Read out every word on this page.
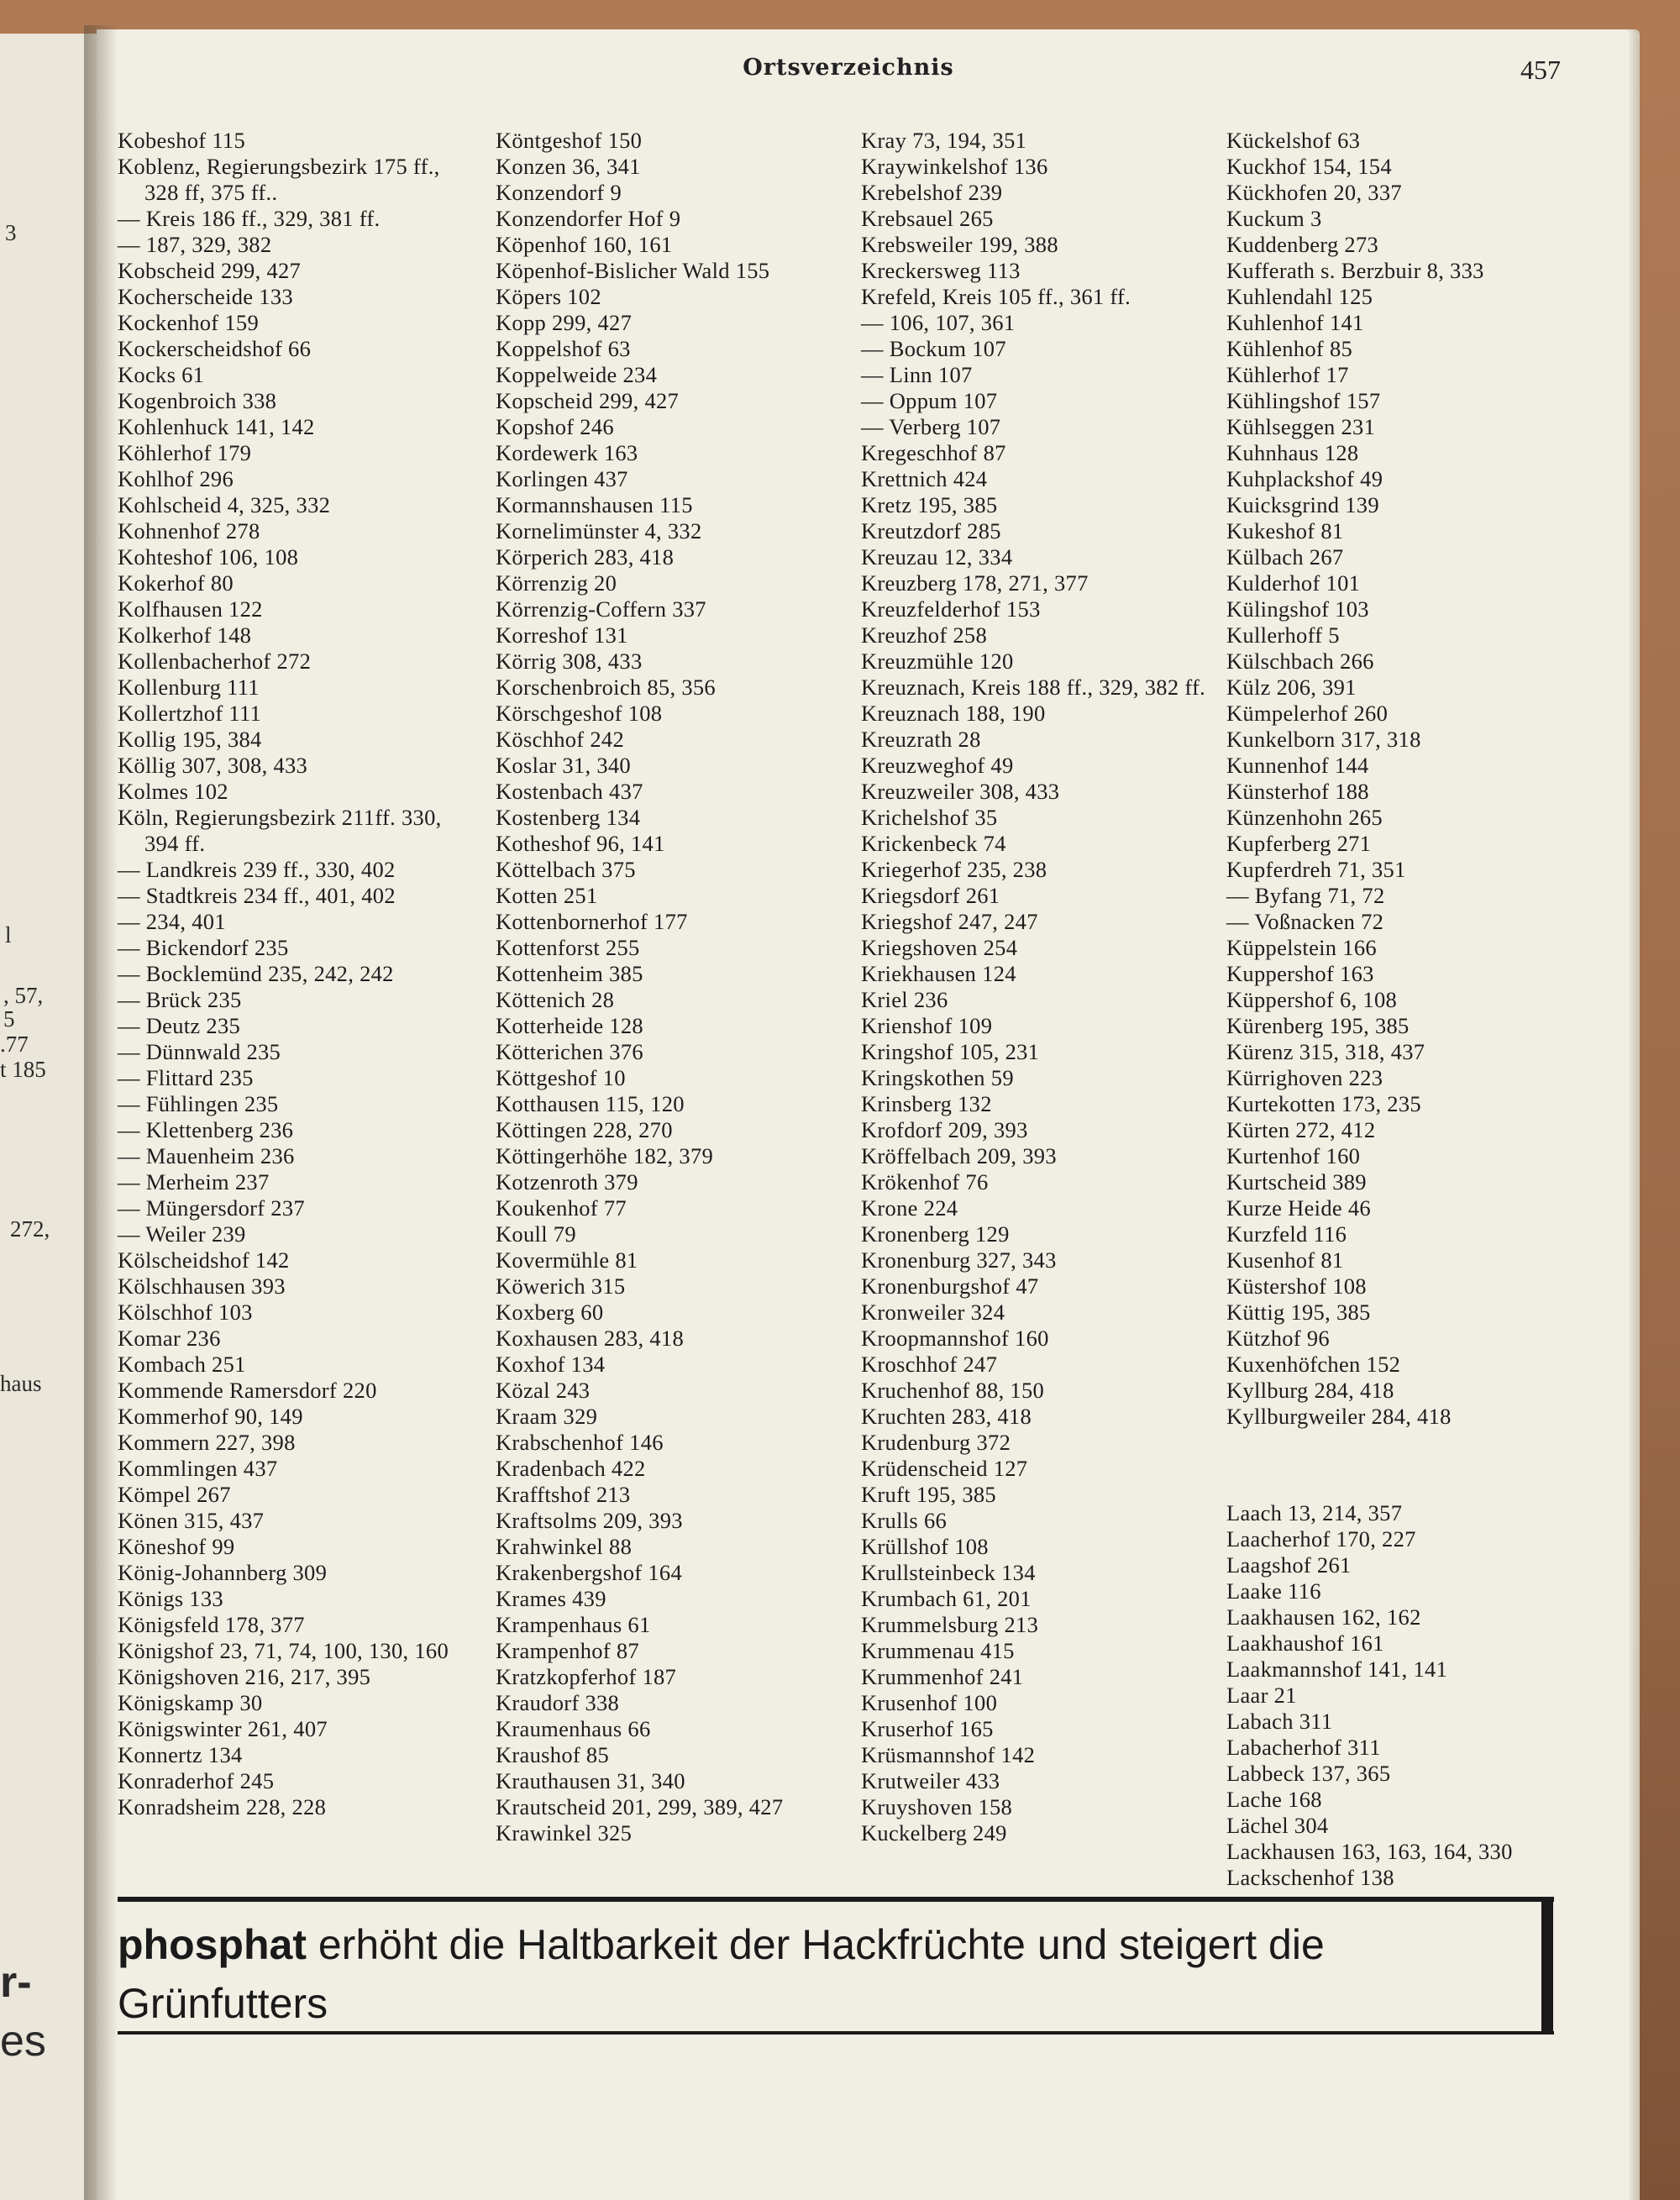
3
l
, 57,
5
.77
t 185
272,
haus
r-
es
Ortsverzeichnis	457

Kobeshof 115

Koblenz, Regierungsbezirk 175 ff., 328 ff, 375 ff..

— Kreis 186 ff., 329, 381 ff.

— 187, 329, 382

Kobscheid 299, 427

Kocherscheide 133

Kockenhof 159

Kockerscheidshof 66

Kocks 61

Kogenbroich 338

Kohlenhuck 141, 142

Köhlerhof 179

Kohlhof 296

Kohlscheid 4, 325, 332

Kohnenhof 278

Kohteshof 106, 108

Kokerhof 80

Kolfhausen 122

Kolkerhof 148

Kollenbacherhof 272

Kollenburg 111

Kollertzhof 111

Kollig 195, 384

Köllig 307, 308, 433

Kolmes 102

Köln, Regierungsbezirk 211ff. 330, 394 ff.

— Landkreis 239 ff., 330, 402

— Stadtkreis 234 ff., 401, 402

— 234, 401

— Bickendorf 235

— Bocklemünd 235, 242, 242

— Brück 235

— Deutz 235

— Dünnwald 235

— Flittard 235

— Fühlingen 235

— Klettenberg 236

— Mauenheim 236

— Merheim 237

— Müngersdorf 237

— Weiler 239

Kölscheidshof 142

Kölschhausen 393

Kölschhof 103

Komar 236

Kombach 251

Kommende Ramersdorf 220

Kommerhof 90, 149

Kommern 227, 398

Kommlingen 437

Kömpel 267

Könen 315, 437

Köneshof 99

König-Johannberg 309

Königs 133

Königsfeld 178, 377

Königshof 23, 71, 74, 100, 130, 160

Königshoven 216, 217, 395

Königskamp 30

Königswinter 261, 407

Konnertz 134

Konraderhof 245

Konradsheim 228, 228

Köntgeshof 150

Konzen 36, 341

Konzendorf 9

Konzendorfer Hof 9

Köpenhof 160, 161

Köpenhof-Bislicher Wald 155

Köpers 102

Kopp 299, 427

Koppelshof 63

Koppelweide 234

Kopscheid 299, 427

Kopshof 246

Kordewerk 163

Korlingen 437

Kormannshausen 115

Kornelimünster 4, 332

Körperich 283, 418

Körrenzig 20

Körrenzig-Coffern 337

Korreshof 131

Körrig 308, 433

Korschenbroich 85, 356

Körschgeshof 108

Köschhof 242

Koslar 31, 340

Kostenbach 437

Kostenberg 134

Kotheshof 96, 141

Köttelbach 375

Kotten 251

Kottenbornerhof 177

Kottenforst 255

Kottenheim 385

Köttenich 28

Kotterheide 128

Kötterichen 376

Köttgeshof 10

Kotthausen 115, 120

Köttingen 228, 270

Köttingerhöhe 182, 379

Kotzenroth 379

Koukenhof 77

Koull 79

Kovermühle 81

Köwerich 315

Koxberg 60

Koxhausen 283, 418

Koxhof 134

Közal 243

Kraam 329

Krabschenhof 146

Kradenbach 422

Krafftshof 213

Kraftsolms 209, 393

Krahwinkel 88

Krakenbergshof 164

Krames 439

Krampenhaus 61

Krampenhof 87

Kratzkopferhof 187

Kraudorf 338

Kraumenhaus 66

Kraushof 85

Krauthausen 31, 340

Krautscheid 201, 299, 389, 427

Krawinkel 325

Kray 73, 194, 351

Kraywinkelshof 136

Krebelshof 239

Krebsauel 265

Krebsweiler 199, 388

Kreckersweg 113

Krefeld, Kreis 105 ff., 361 ff.

— 106, 107, 361

— Bockum 107

— Linn 107

— Oppum 107

— Verberg 107

Kregeschhof 87

Krettnich 424

Kretz 195, 385

Kreutzdorf 285

Kreuzau 12, 334

Kreuzberg 178, 271, 377

Kreuzfelderhof 153

Kreuzhof 258

Kreuzmühle 120

Kreuznach, Kreis 188 ff., 329, 382 ff.

Kreuznach 188, 190

Kreuzrath 28

Kreuzweghof 49

Kreuzweiler 308, 433

Krichelshof 35

Krickenbeck 74

Kriegerhof 235, 238

Kriegsdorf 261

Kriegshof 247, 247

Kriegshoven 254

Kriekhausen 124

Kriel 236

Krienshof 109

Kringshof 105, 231

Kringskothen 59

Krinsberg 132

Krofdorf 209, 393

Kröffelbach 209, 393

Krökenhof 76

Krone 224

Kronenberg 129

Kronenburg 327, 343

Kronenburgshof 47

Kronweiler 324

Kroopmannshof 160

Kroschhof 247

Kruchenhof 88, 150

Kruchten 283, 418

Krudenburg 372

Krüdenscheid 127

Kruft 195, 385

Krulls 66

Krüllshof 108

Krullsteinbeck 134

Krumbach 61, 201

Krummelsburg 213

Krummenau 415

Krummenhof 241

Krusenhof 100

Kruserhof 165

Krüsmannshof 142

Krutweiler 433

Kruyshoven 158

Kuckelberg 249

Kückelshof 63

Kuckhof 154, 154

Kückhofen 20, 337

Kuckum 3

Kuddenberg 273

Kufferath s. Berzbuir 8, 333

Kuhlendahl 125

Kuhlenhof 141

Kühlenhof 85

Kühlerhof 17

Kühlingshof 157

Kühlseggen 231

Kuhnhaus 128

Kuhplackshof 49

Kuicksgrind 139

Kukeshof 81

Külbach 267

Kulderhof 101

Külingshof 103

Kullerhoff 5

Külschbach 266

Külz 206, 391

Kümpelerhof 260

Kunkelborn 317, 318

Kunnenhof 144

Künsterhof 188

Künzenhohn 265

Kupferberg 271

Kupferdreh 71, 351

— Byfang 71, 72

— Voßnacken 72

Küppelstein 166

Kuppershof 163

Küppershof 6, 108

Kürenberg 195, 385

Kürenz 315, 318, 437

Kürrighoven 223

Kurtekotten 173, 235

Kürten 272, 412

Kurtenhof 160

Kurtscheid 389

Kurze Heide 46

Kurzfeld 116

Kusenhof 81

Küstershof 108

Küttig 195, 385

Kützhof 96

Kuxenhöfchen 152

Kyllburg 284, 418

Kyllburgweiler 284, 418

Laach 13, 214, 357

Laacherhof 170, 227

Laagshof 261

Laake 116

Laakhausen 162, 162

Laakhaushof 161

Laakmannshof 141, 141

Laar 21

Labach 311

Labacherhof 311

Labbeck 137, 365

Lache 168

Lächel 304

Lackhausen 163, 163, 164, 330

Lackschenhof 138

phosphat erhöht die Haltbarkeit der Hackfrüchte und steigert die Grünfutters
